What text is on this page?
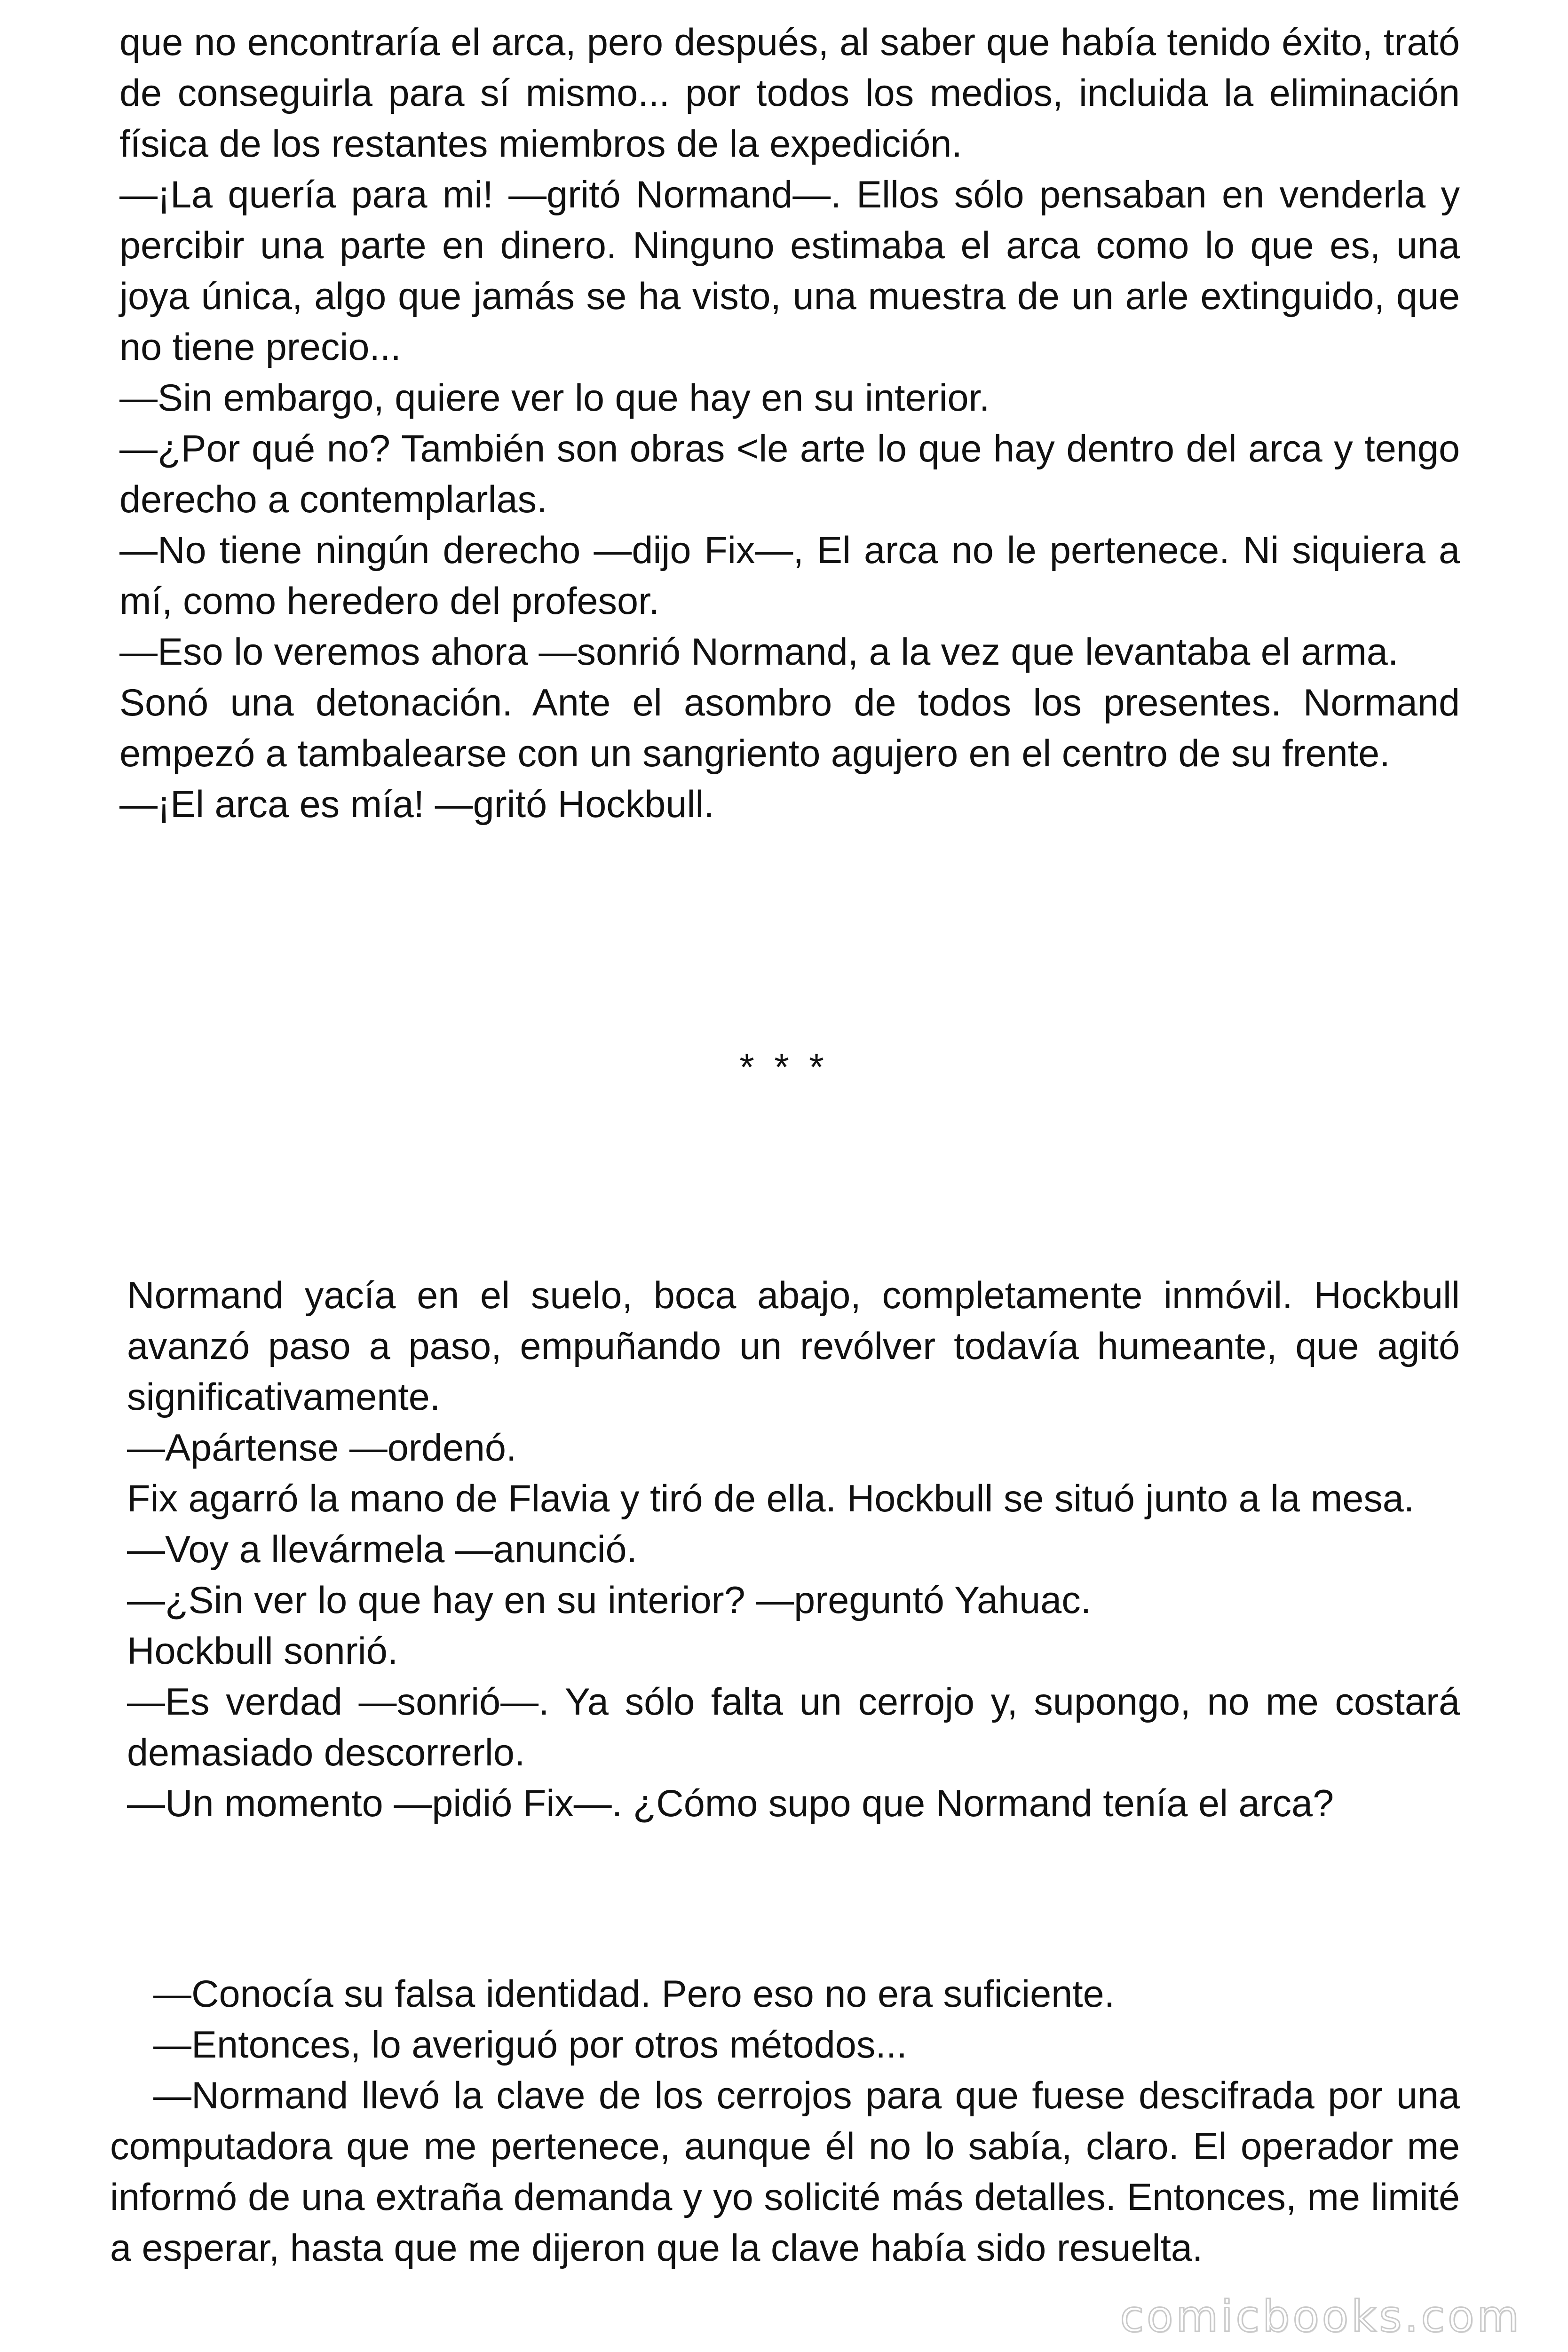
que no encontraría el arca, pero después, al saber que había tenido éxito, trató de conseguirla para sí mismo... por todos los medios, incluida la eliminación física de los restantes miembros de la expedición.

—¡La quería para mi! —gritó Normand—. Ellos sólo pensaban en venderla y percibir una parte en dinero. Ninguno estimaba el arca como lo que es, una joya única, algo que jamás se ha visto, una muestra de un arle extinguido, que no tiene precio...

—Sin embargo, quiere ver lo que hay en su interior.

—¿Por qué no? También son obras <le arte lo que hay dentro del arca y tengo derecho a contemplarlas.

—No tiene ningún derecho —dijo Fix—, El arca no le pertenece. Ni siquiera a mí, como heredero del profesor.

—Eso lo veremos ahora —sonrió Normand, a la vez que levantaba el arma.

Sonó una detonación. Ante el asombro de todos los presentes. Normand empezó a tambalearse con un sangriento agujero en el centro de su frente.

—¡El arca es mía! —gritó Hockbull.

* * *

Normand yacía en el suelo, boca abajo, completamente inmóvil. Hockbull avanzó paso a paso, empuñando un revólver todavía humeante, que agitó significativamente.

—Apártense —ordenó.

Fix agarró la mano de Flavia y tiró de ella. Hockbull se situó junto a la mesa.

—Voy a llevármela —anunció.

—¿Sin ver lo que hay en su interior? —preguntó Yahuac.

Hockbull sonrió.

—Es verdad —sonrió—. Ya sólo falta un cerrojo y, supongo, no me costará demasiado descorrerlo.

—Un momento —pidió Fix—. ¿Cómo supo que Normand tenía el arca?

—Conocía su falsa identidad. Pero eso no era suficiente.

—Entonces, lo averiguó por otros métodos...

—Normand llevó la clave de los cerrojos para que fuese descifrada por una computadora que me pertenece, aunque él no lo sabía, claro. El operador me informó de una extraña demanda y yo solicité más detalles. Entonces, me limité a esperar, hasta que me dijeron que la clave había sido resuelta.

comicbooks.com
